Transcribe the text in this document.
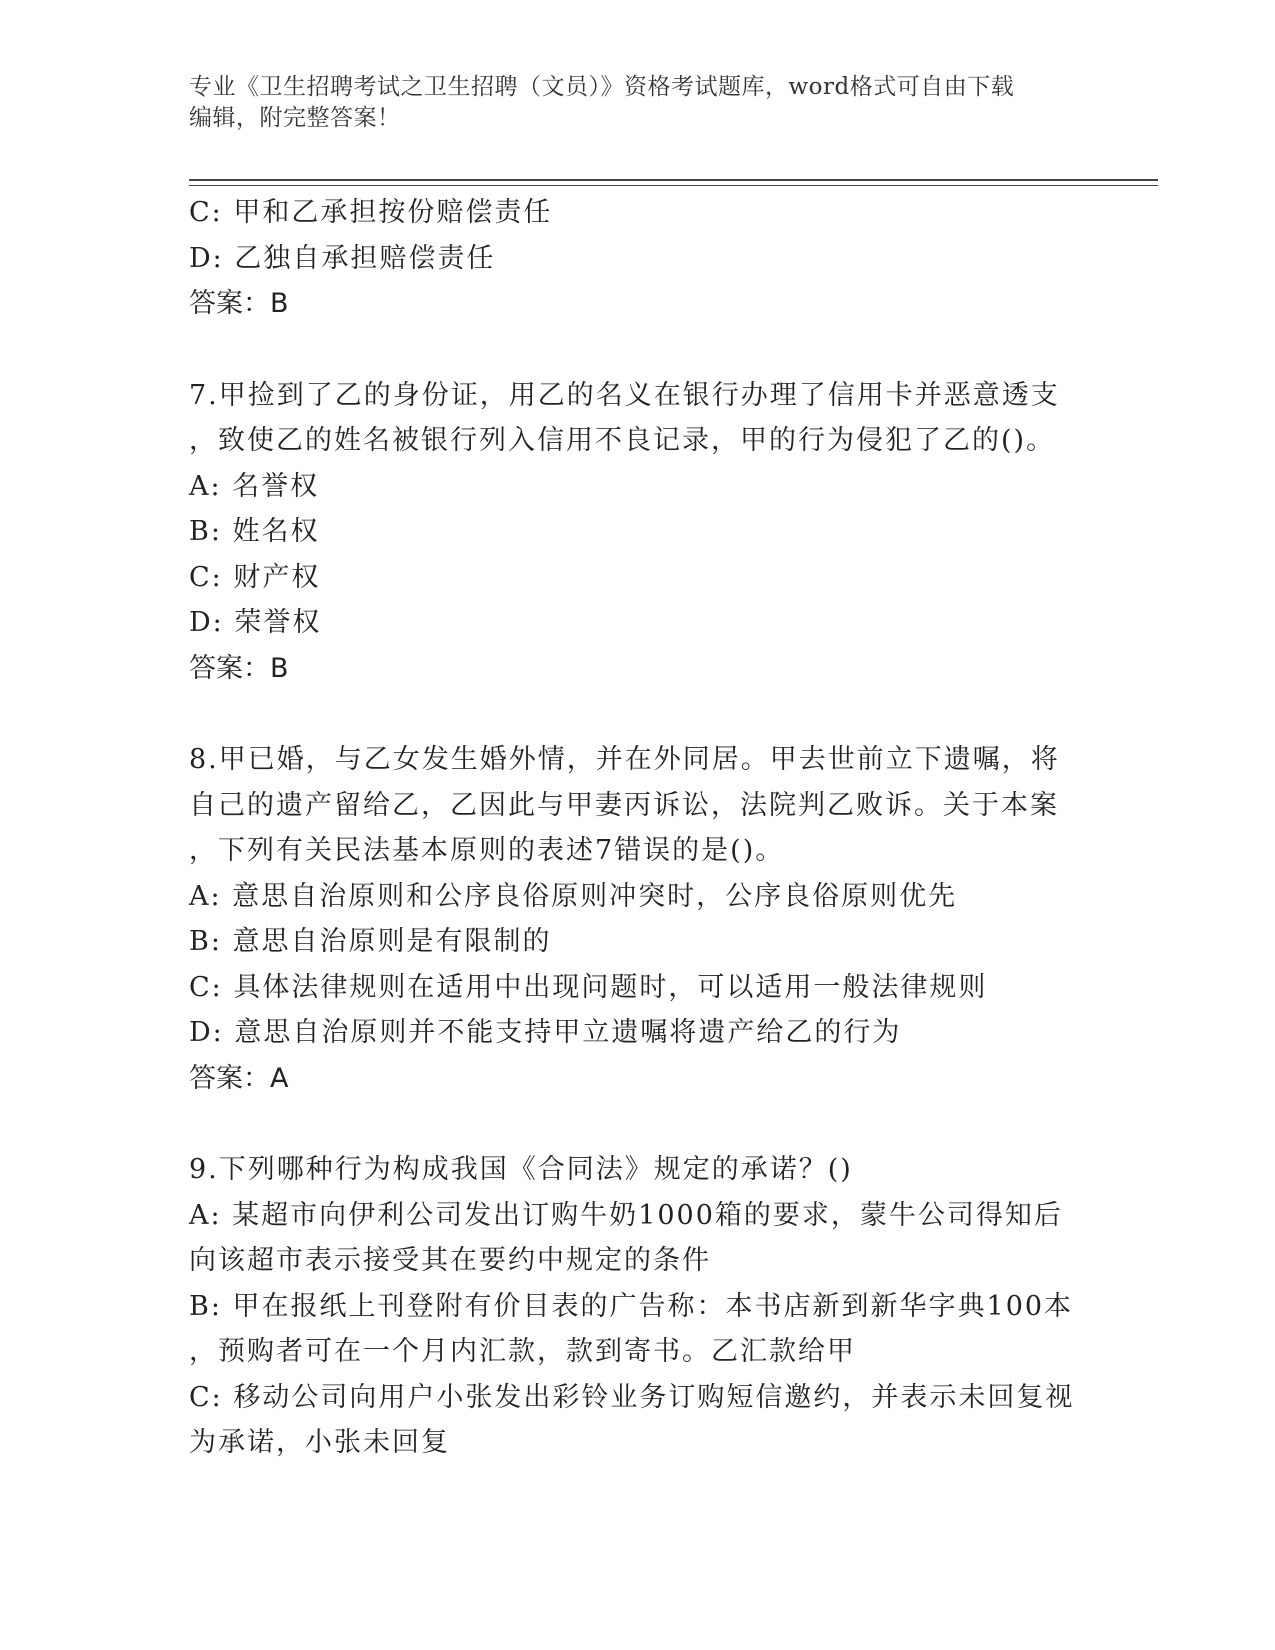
专业《卫生招聘考试之卫生招聘（文员）》资格考试题库，word格式可自由下载
编辑，附完整答案！
C: 甲和乙承担按份赔偿责任
D: 乙独自承担赔偿责任
答案：B
7.甲捡到了乙的身份证，用乙的名义在银行办理了信用卡并恶意透支
，致使乙的姓名被银行列入信用不良记录，甲的行为侵犯了乙的()。
A: 名誉权
B: 姓名权
C: 财产权
D: 荣誉权
答案：B
8.甲已婚，与乙女发生婚外情，并在外同居。甲去世前立下遗嘱，将
自己的遗产留给乙，乙因此与甲妻丙诉讼，法院判乙败诉。关于本案
，下列有关民法基本原则的表述7错误的是()。
A: 意思自治原则和公序良俗原则冲突时，公序良俗原则优先
B: 意思自治原则是有限制的
C: 具体法律规则在适用中出现问题时，可以适用一般法律规则
D: 意思自治原则并不能支持甲立遗嘱将遗产给乙的行为
答案：A
9.下列哪种行为构成我国《合同法》规定的承诺？()
A: 某超市向伊利公司发出订购牛奶1000箱的要求，蒙牛公司得知后
向该超市表示接受其在要约中规定的条件
B: 甲在报纸上刊登附有价目表的广告称：本书店新到新华字典100本
，预购者可在一个月内汇款，款到寄书。乙汇款给甲
C: 移动公司向用户小张发出彩铃业务订购短信邀约，并表示未回复视
为承诺，小张未回复
